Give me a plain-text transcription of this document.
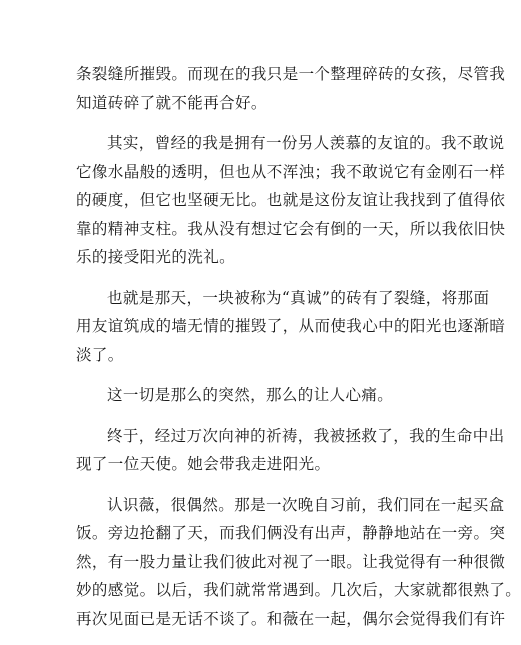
条裂缝所摧毁。而现在的我只是一个整理碎砖的女孩，尽管我
知道砖碎了就不能再合好。
其实，曾经的我是拥有一份另人羡慕的友谊的。我不敢说
它像水晶般的透明，但也从不浑浊；我不敢说它有金刚石一样
的硬度，但它也坚硬无比。也就是这份友谊让我找到了值得依
靠的精神支柱。我从没有想过它会有倒的一天，所以我依旧快
乐的接受阳光的洗礼。
也就是那天，一块被称为“真诚”的砖有了裂缝，将那面
用友谊筑成的墙无情的摧毁了，从而使我心中的阳光也逐渐暗
淡了。
这一切是那么的突然，那么的让人心痛。
终于，经过万次向神的祈祷，我被拯救了，我的生命中出
现了一位天使。她会带我走进阳光。
认识薇，很偶然。那是一次晚自习前，我们同在一起买盒
饭。旁边抢翻了天，而我们俩没有出声，静静地站在一旁。突
然，有一股力量让我们彼此对视了一眼。让我觉得有一种很微
妙的感觉。以后，我们就常常遇到。几次后，大家就都很熟了。
再次见面已是无话不谈了。和薇在一起，偶尔会觉得我们有许
